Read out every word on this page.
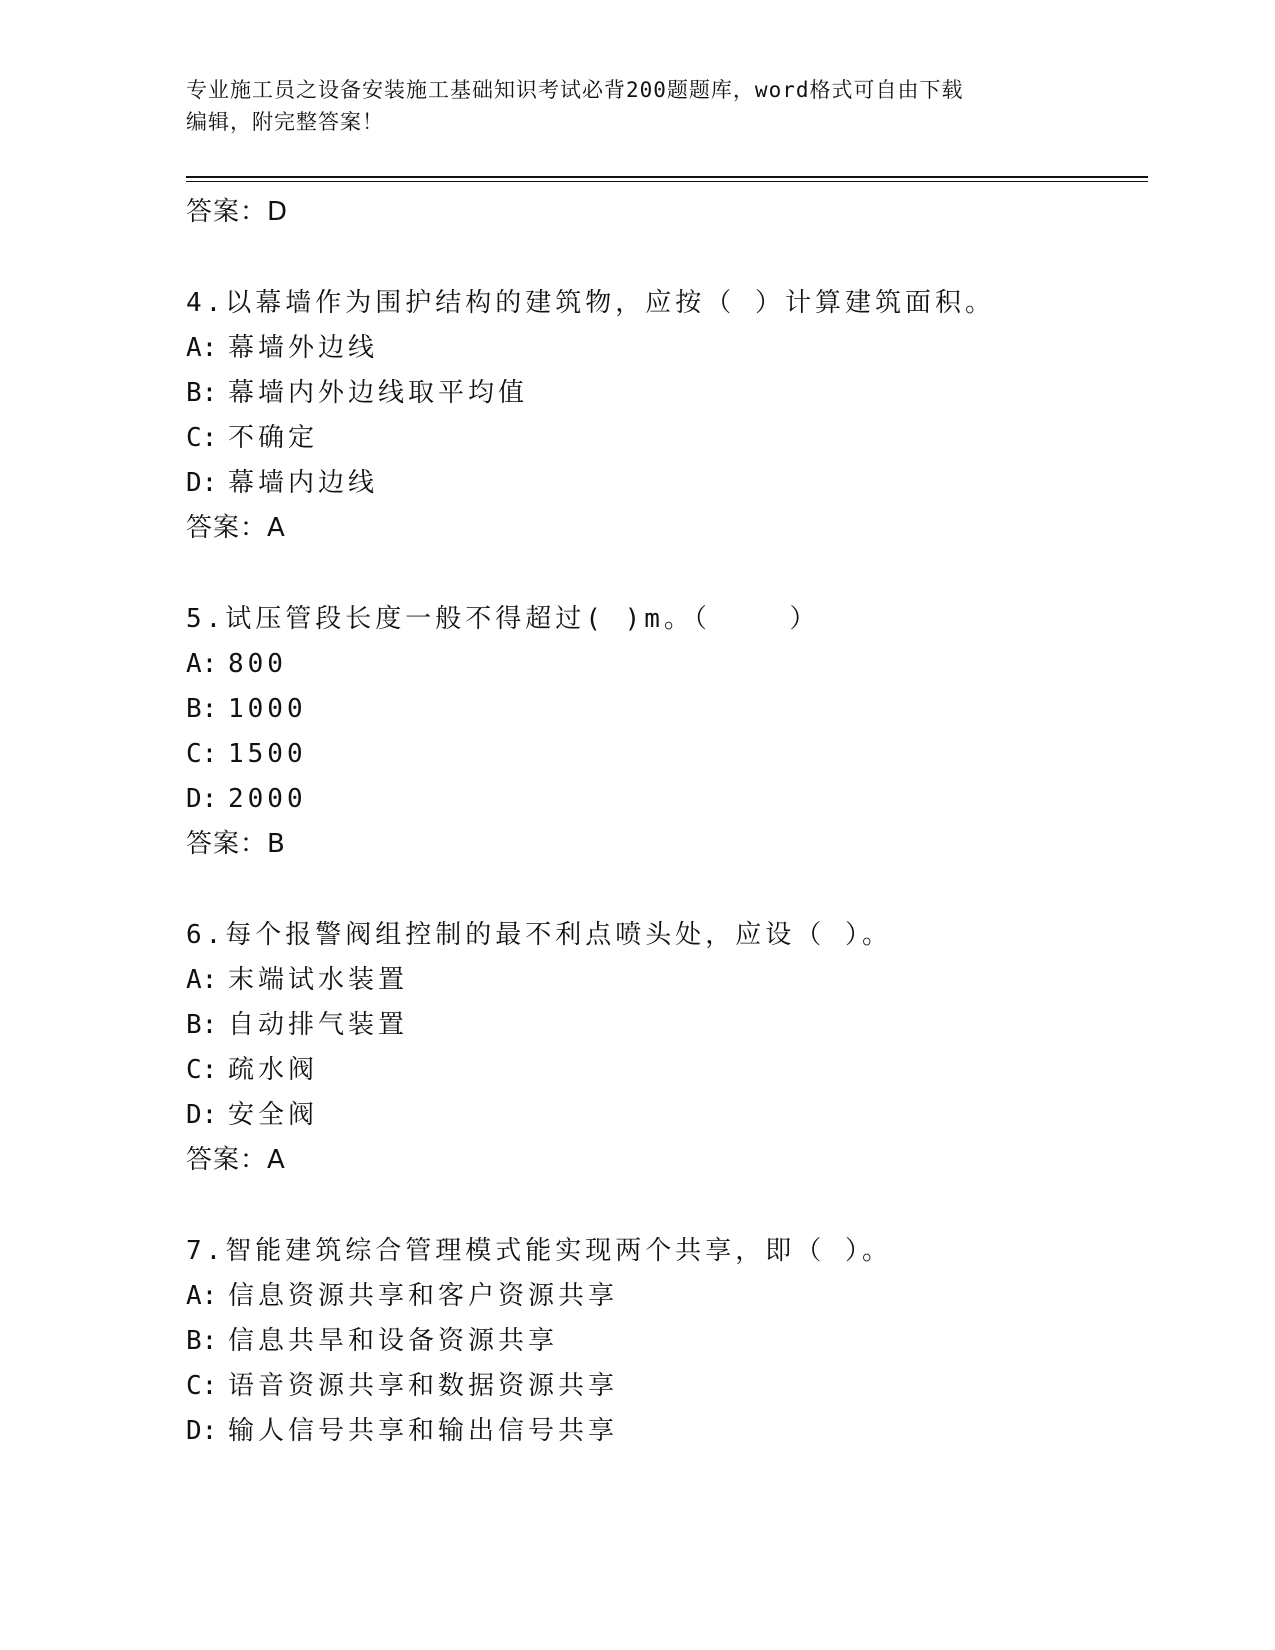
专业施工员之设备安装施工基础知识考试必背200题题库，word格式可自由下载
编辑，附完整答案！
答案：D
4.以幕墙作为围护结构的建筑物，应按（ ）计算建筑面积。
A: 幕墙外边线
B: 幕墙内外边线取平均值
C: 不确定
D: 幕墙内边线
答案：A
5.试压管段长度一般不得超过( )m。（    ）
A: 800
B: 1000
C: 1500
D: 2000
答案：B
6.每个报警阀组控制的最不利点喷头处，应设（ ）。
A: 末端试水装置
B: 自动排气装置
C: 疏水阀
D: 安全阀
答案：A
7.智能建筑综合管理模式能实现两个共享，即（ ）。
A: 信息资源共享和客户资源共享
B: 信息共旱和设备资源共享
C: 语音资源共享和数据资源共享
D: 输人信号共享和输出信号共享
